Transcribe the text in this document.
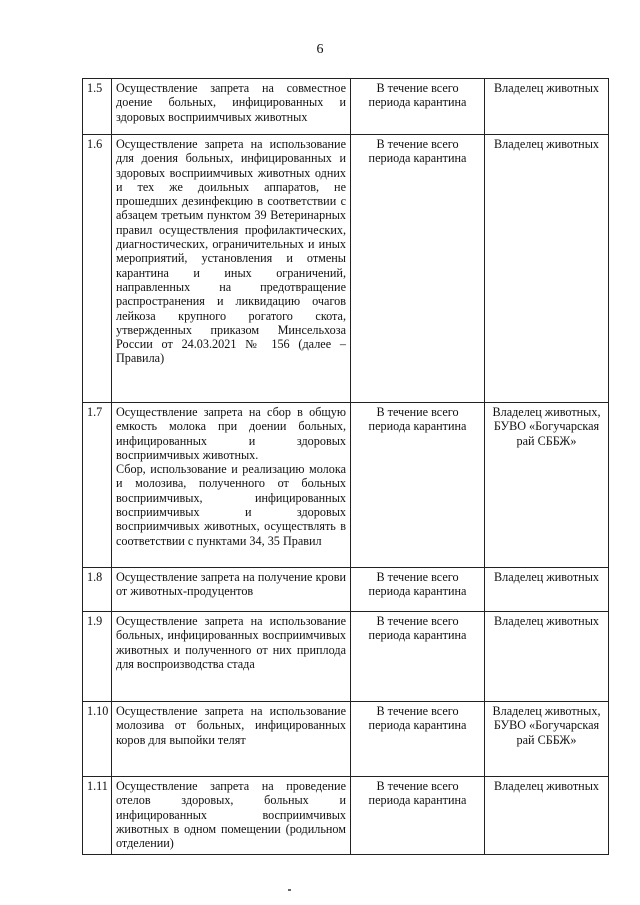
6
1.5	Осуществление запрета на совместное доение больных, инфицированных и здоровых восприимчивых животных	В течение всего периода карантина	Владелец животных
1.6	Осуществление запрета на использование для доения больных, инфицированных и здоровых восприимчивых животных одних и тех же доильных аппаратов, не прошедших дезинфекцию в соответствии с абзацем третьим пунктом 39 Ветеринарных правил осуществления профилактических, диагностических, ограничительных и иных мероприятий, установления и отмены карантина и иных ограничений, направленных на предотвращение распространения и ликвидацию очагов лейкоза крупного рогатого скота, утвержденных приказом Минсельхоза России от 24.03.2021 № 156 (далее – Правила)	В течение всего периода карантина	Владелец животных
1.7	Осуществление запрета на сбор в общую емкость молока при доении больных, инфицированных и здоровых восприимчивых животных.
Сбор, использование и реализацию молока и молозива, полученного от больных восприимчивых, инфицированных восприимчивых и здоровых восприимчивых животных, осуществлять в соответствии с пунктами 34, 35 Правил	В течение всего периода карантина	Владелец животных, БУВО «Богучарская рай СББЖ»
1.8	Осуществление запрета на получение крови от животных-продуцентов	В течение всего периода карантина	Владелец животных
1.9	Осуществление запрета на использование больных, инфицированных восприимчивых животных и полученного от них приплода для воспроизводства стада	В течение всего периода карантина	Владелец животных
1.10	Осуществление запрета на использование молозива от больных, инфицированных коров для выпойки телят	В течение всего периода карантина	Владелец животных, БУВО «Богучарская рай СББЖ»
1.11	Осуществление запрета на проведение отелов здоровых, больных и инфицированных восприимчивых животных в одном помещении (родильном отделении)	В течение всего периода карантина	Владелец животных
